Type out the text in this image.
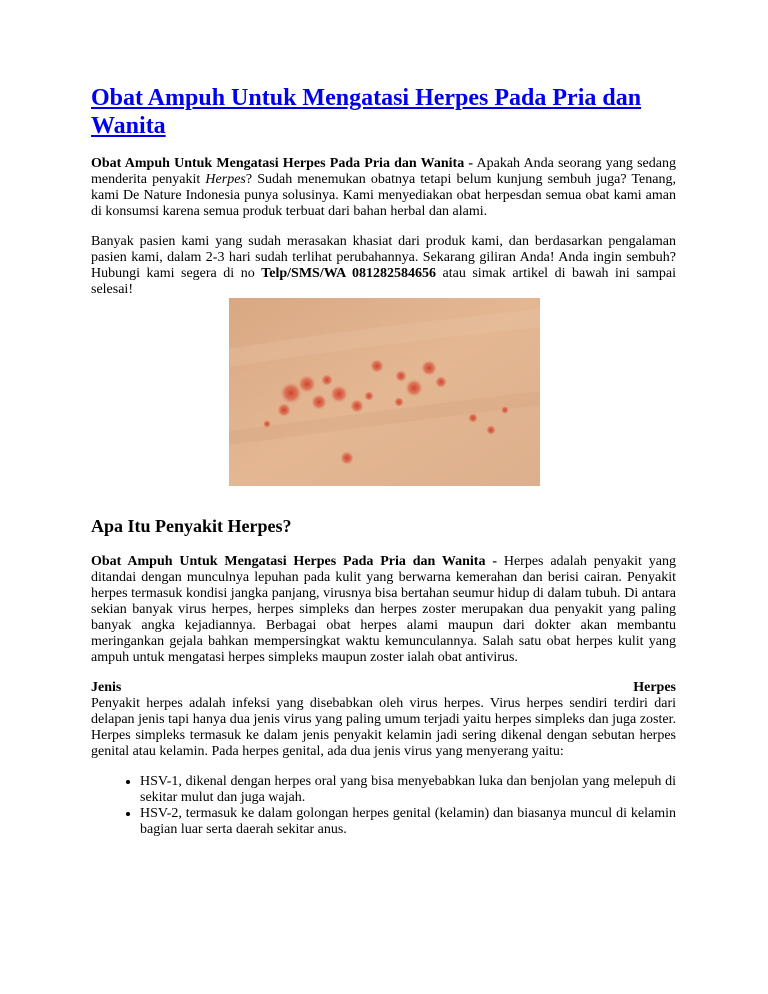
Obat Ampuh Untuk Mengatasi Herpes Pada Pria dan Wanita

Obat Ampuh Untuk Mengatasi Herpes Pada Pria dan Wanita - Apakah Anda seorang yang sedang menderita penyakit Herpes? Sudah menemukan obatnya tetapi belum kunjung sembuh juga? Tenang, kami De Nature Indonesia punya solusinya. Kami menyediakan obat herpesdan semua obat kami aman di konsumsi karena semua produk terbuat dari bahan herbal dan alami.

Banyak pasien kami yang sudah merasakan khasiat dari produk kami, dan berdasarkan pengalaman pasien kami, dalam 2-3 hari sudah terlihat perubahannya. Sekarang giliran Anda! Anda ingin sembuh? Hubungi kami segera di no Telp/SMS/WA 081282584656 atau simak artikel di bawah ini sampai selesai!

Apa Itu Penyakit Herpes?

Obat Ampuh Untuk Mengatasi Herpes Pada Pria dan Wanita - Herpes adalah penyakit yang ditandai dengan munculnya lepuhan pada kulit yang berwarna kemerahan dan berisi cairan. Penyakit herpes termasuk kondisi jangka panjang, virusnya bisa bertahan seumur hidup di dalam tubuh. Di antara sekian banyak virus herpes, herpes simpleks dan herpes zoster merupakan dua penyakit yang paling banyak angka kejadiannya. Berbagai obat herpes alami maupun dari dokter akan membantu meringankan gejala bahkan mempersingkat waktu kemunculannya. Salah satu obat herpes kulit yang ampuh untuk mengatasi herpes simpleks maupun zoster ialah obat antivirus.

Jenis	Herpes

Penyakit herpes adalah infeksi yang disebabkan oleh virus herpes. Virus herpes sendiri terdiri dari delapan jenis tapi hanya dua jenis virus yang paling umum terjadi yaitu herpes simpleks dan juga zoster. Herpes simpleks termasuk ke dalam jenis penyakit kelamin jadi sering dikenal dengan sebutan herpes genital atau kelamin. Pada herpes genital, ada dua jenis virus yang menyerang yaitu:

• HSV-1, dikenal dengan herpes oral yang bisa menyebabkan luka dan benjolan yang melepuh di sekitar mulut dan juga wajah.
• HSV-2, termasuk ke dalam golongan herpes genital (kelamin) dan biasanya muncul di kelamin bagian luar serta daerah sekitar anus.
